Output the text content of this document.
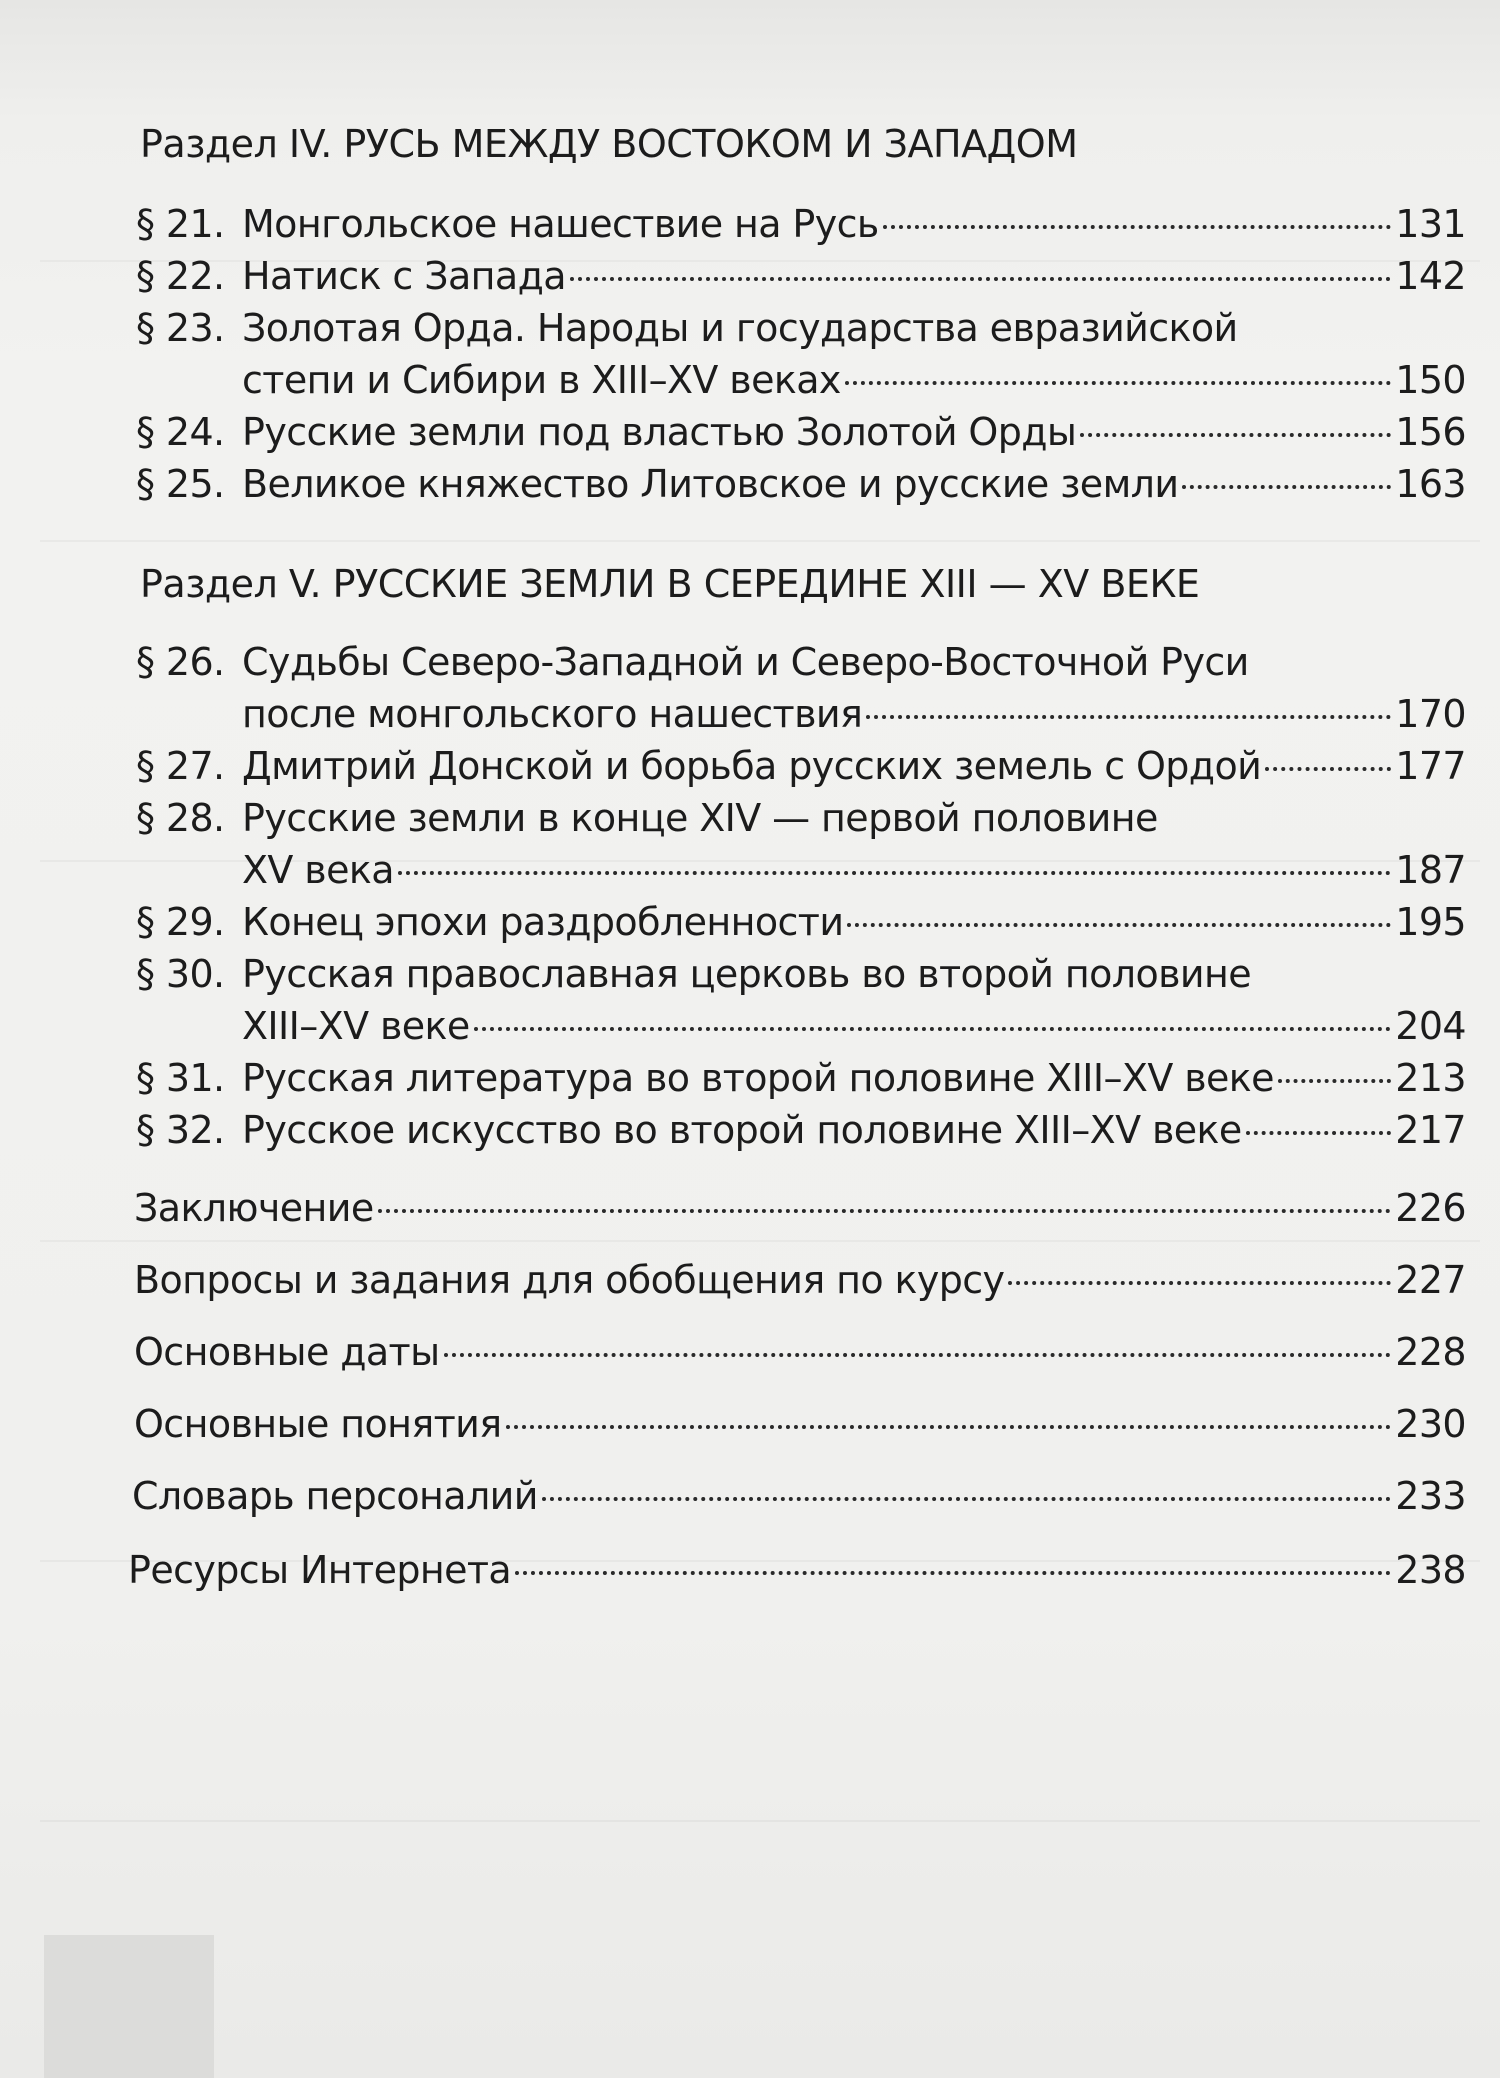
Раздел IV. РУСЬ МЕЖДУ ВОСТОКОМ И ЗАПАДОМ
§ 21. Монгольское нашествие на Русь	131
§ 22. Натиск с Запада	142
§ 23. Золотая Орда. Народы и государства евразийской
степи и Сибири в XIII–XV веках	150
§ 24. Русские земли под властью Золотой Орды	156
§ 25. Великое княжество Литовское и русские земли	163
Раздел V. РУССКИЕ ЗЕМЛИ В СЕРЕДИНЕ XIII — XV ВЕКЕ
§ 26. Судьбы Северо-Западной и Северо-Восточной Руси
после монгольского нашествия	170
§ 27. Дмитрий Донской и борьба русских земель с Ордой	177
§ 28. Русские земли в конце XIV — первой половине
XV века	187
§ 29. Конец эпохи раздробленности	195
§ 30. Русская православная церковь во второй половине
XIII–XV веке	204
§ 31. Русская литература во второй половине XIII–XV веке	213
§ 32. Русское искусство во второй половине XIII–XV веке	217
Заключение	226
Вопросы и задания для обобщения по курсу	227
Основные даты	228
Основные понятия	230
Словарь персоналий	233
Ресурсы Интернета	238
